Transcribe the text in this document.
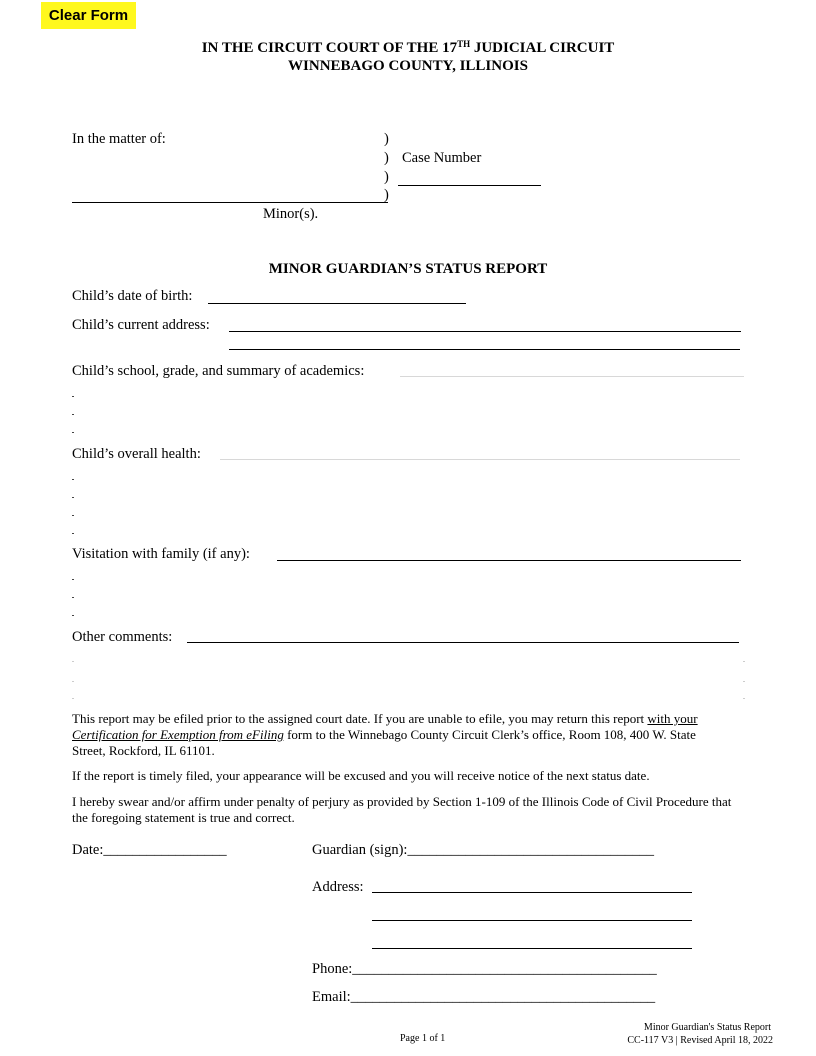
Clear Form
IN THE CIRCUIT COURT OF THE 17TH JUDICIAL CIRCUIT
WINNEBAGO COUNTY, ILLINOIS
In the matter of:	)
) Case Number
)
)
Minor(s).
MINOR GUARDIAN’S STATUS REPORT
Child’s date of birth:
Child’s current address:
Child’s school, grade, and summary of academics:
Child’s overall health:
Visitation with family (if any):
Other comments:
This report may be efiled prior to the assigned court date. If you are unable to efile, you may return this report with your Certification for Exemption from eFiling form to the Winnebago County Circuit Clerk’s office, Room 108, 400 W. State Street, Rockford, IL 61101.
If the report is timely filed, your appearance will be excused and you will receive notice of the next status date.
I hereby swear and/or affirm under penalty of perjury as provided by Section 1-109 of the Illinois Code of Civil Procedure that the foregoing statement is true and correct.
Date:_________________	Guardian (sign):__________________________________
Address:
Phone:__________________________________________
Email:__________________________________________
Page 1 of 1
Minor Guardian's Status Report
CC-117 V3 | Revised April 18, 2022
